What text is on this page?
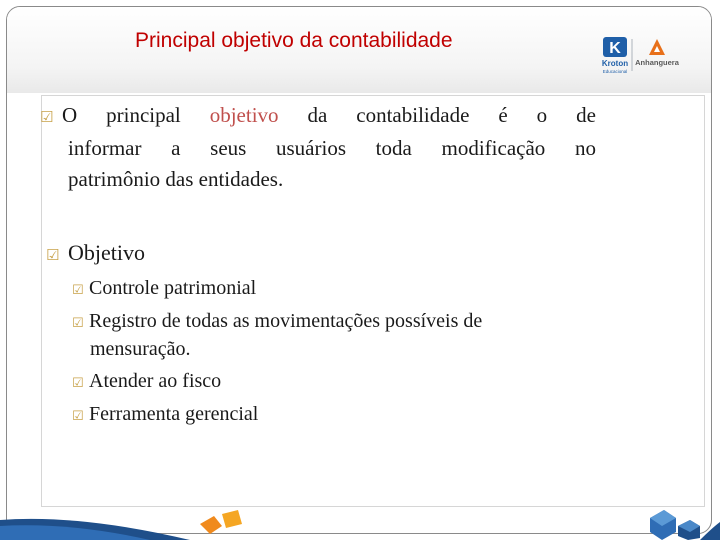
Principal objetivo da contabilidade	K
Kroton
Educacional
Anhanguera
☑ O principal objetivo da contabilidade é o de
informar a seus usuários toda modificação no
patrimônio das entidades.

☑ Objetivo

☑ Controle patrimonial

☑ Registro de todas as movimentações possíveis de

mensuração.

☑ Atender ao fisco

☑ Ferramenta gerencial
